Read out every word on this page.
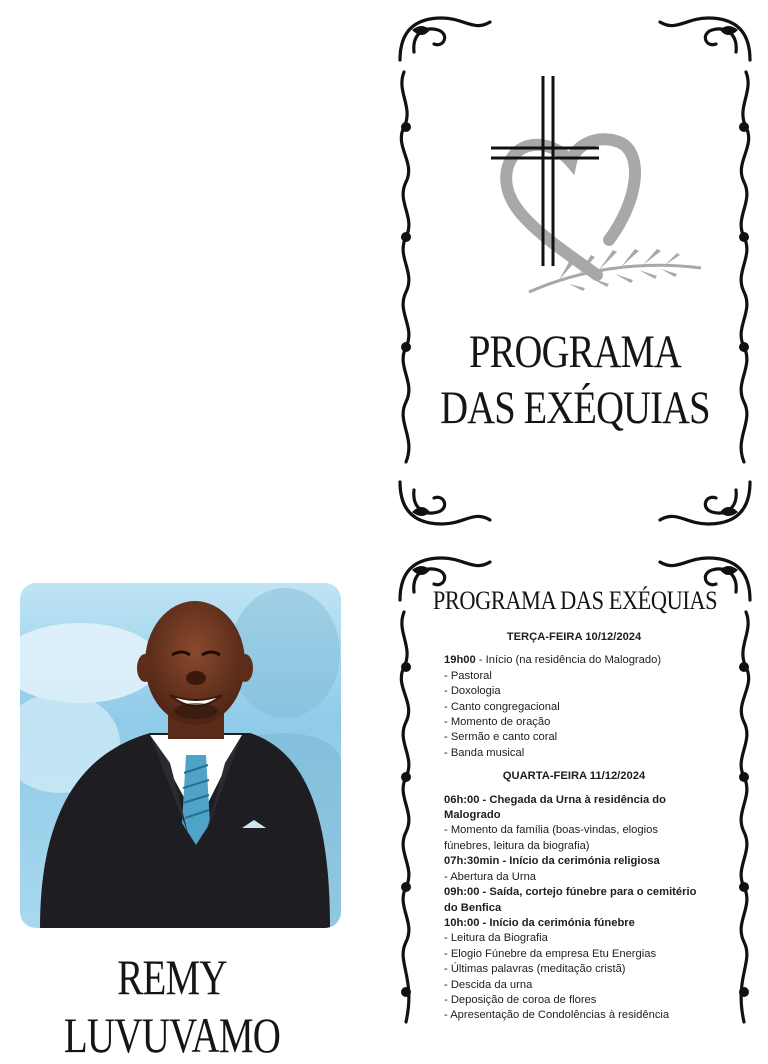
PROGRAMA
DAS EXÉQUIAS
PROGRAMA DAS EXÉQUIAS
TERÇA-FEIRA 10/12/2024
19h00 - Início (na residência do Malogrado)
- Pastoral
- Doxologia
- Canto congregacional
- Momento de oração
- Sermão e canto coral
- Banda musical
QUARTA-FEIRA 11/12/2024
06h:00 - Chegada da Urna à residência do Malogrado
- Momento da família (boas-vindas, elogios fúnebres, leitura da biografia)
07h:30min - Início da cerimónia religiosa
- Abertura da Urna
09h:00 - Saída, cortejo fúnebre para o cemitério do Benfica
10h:00 - Início da cerimónia fúnebre
- Leitura da Biografia
- Elogio Fúnebre da empresa Etu Energias
- Últimas palavras (meditação cristã)
- Descida da urna
- Deposição de coroa de flores
- Apresentação de Condolências à residência
REMY LUVUVAMO
